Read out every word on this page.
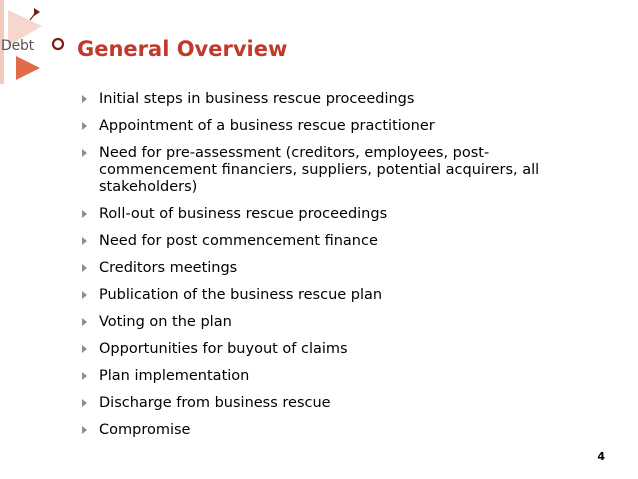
Debt General Overview
Initial steps in business rescue proceedings
Appointment of a business rescue practitioner
Need for pre-assessment (creditors, employees, post-commencement financiers, suppliers, potential acquirers, all stakeholders)
Roll-out of business rescue proceedings
Need for post commencement finance
Creditors meetings
Publication of the business rescue plan
Voting on the plan
Opportunities for buyout of claims
Plan implementation
Discharge from business rescue
Compromise
4
